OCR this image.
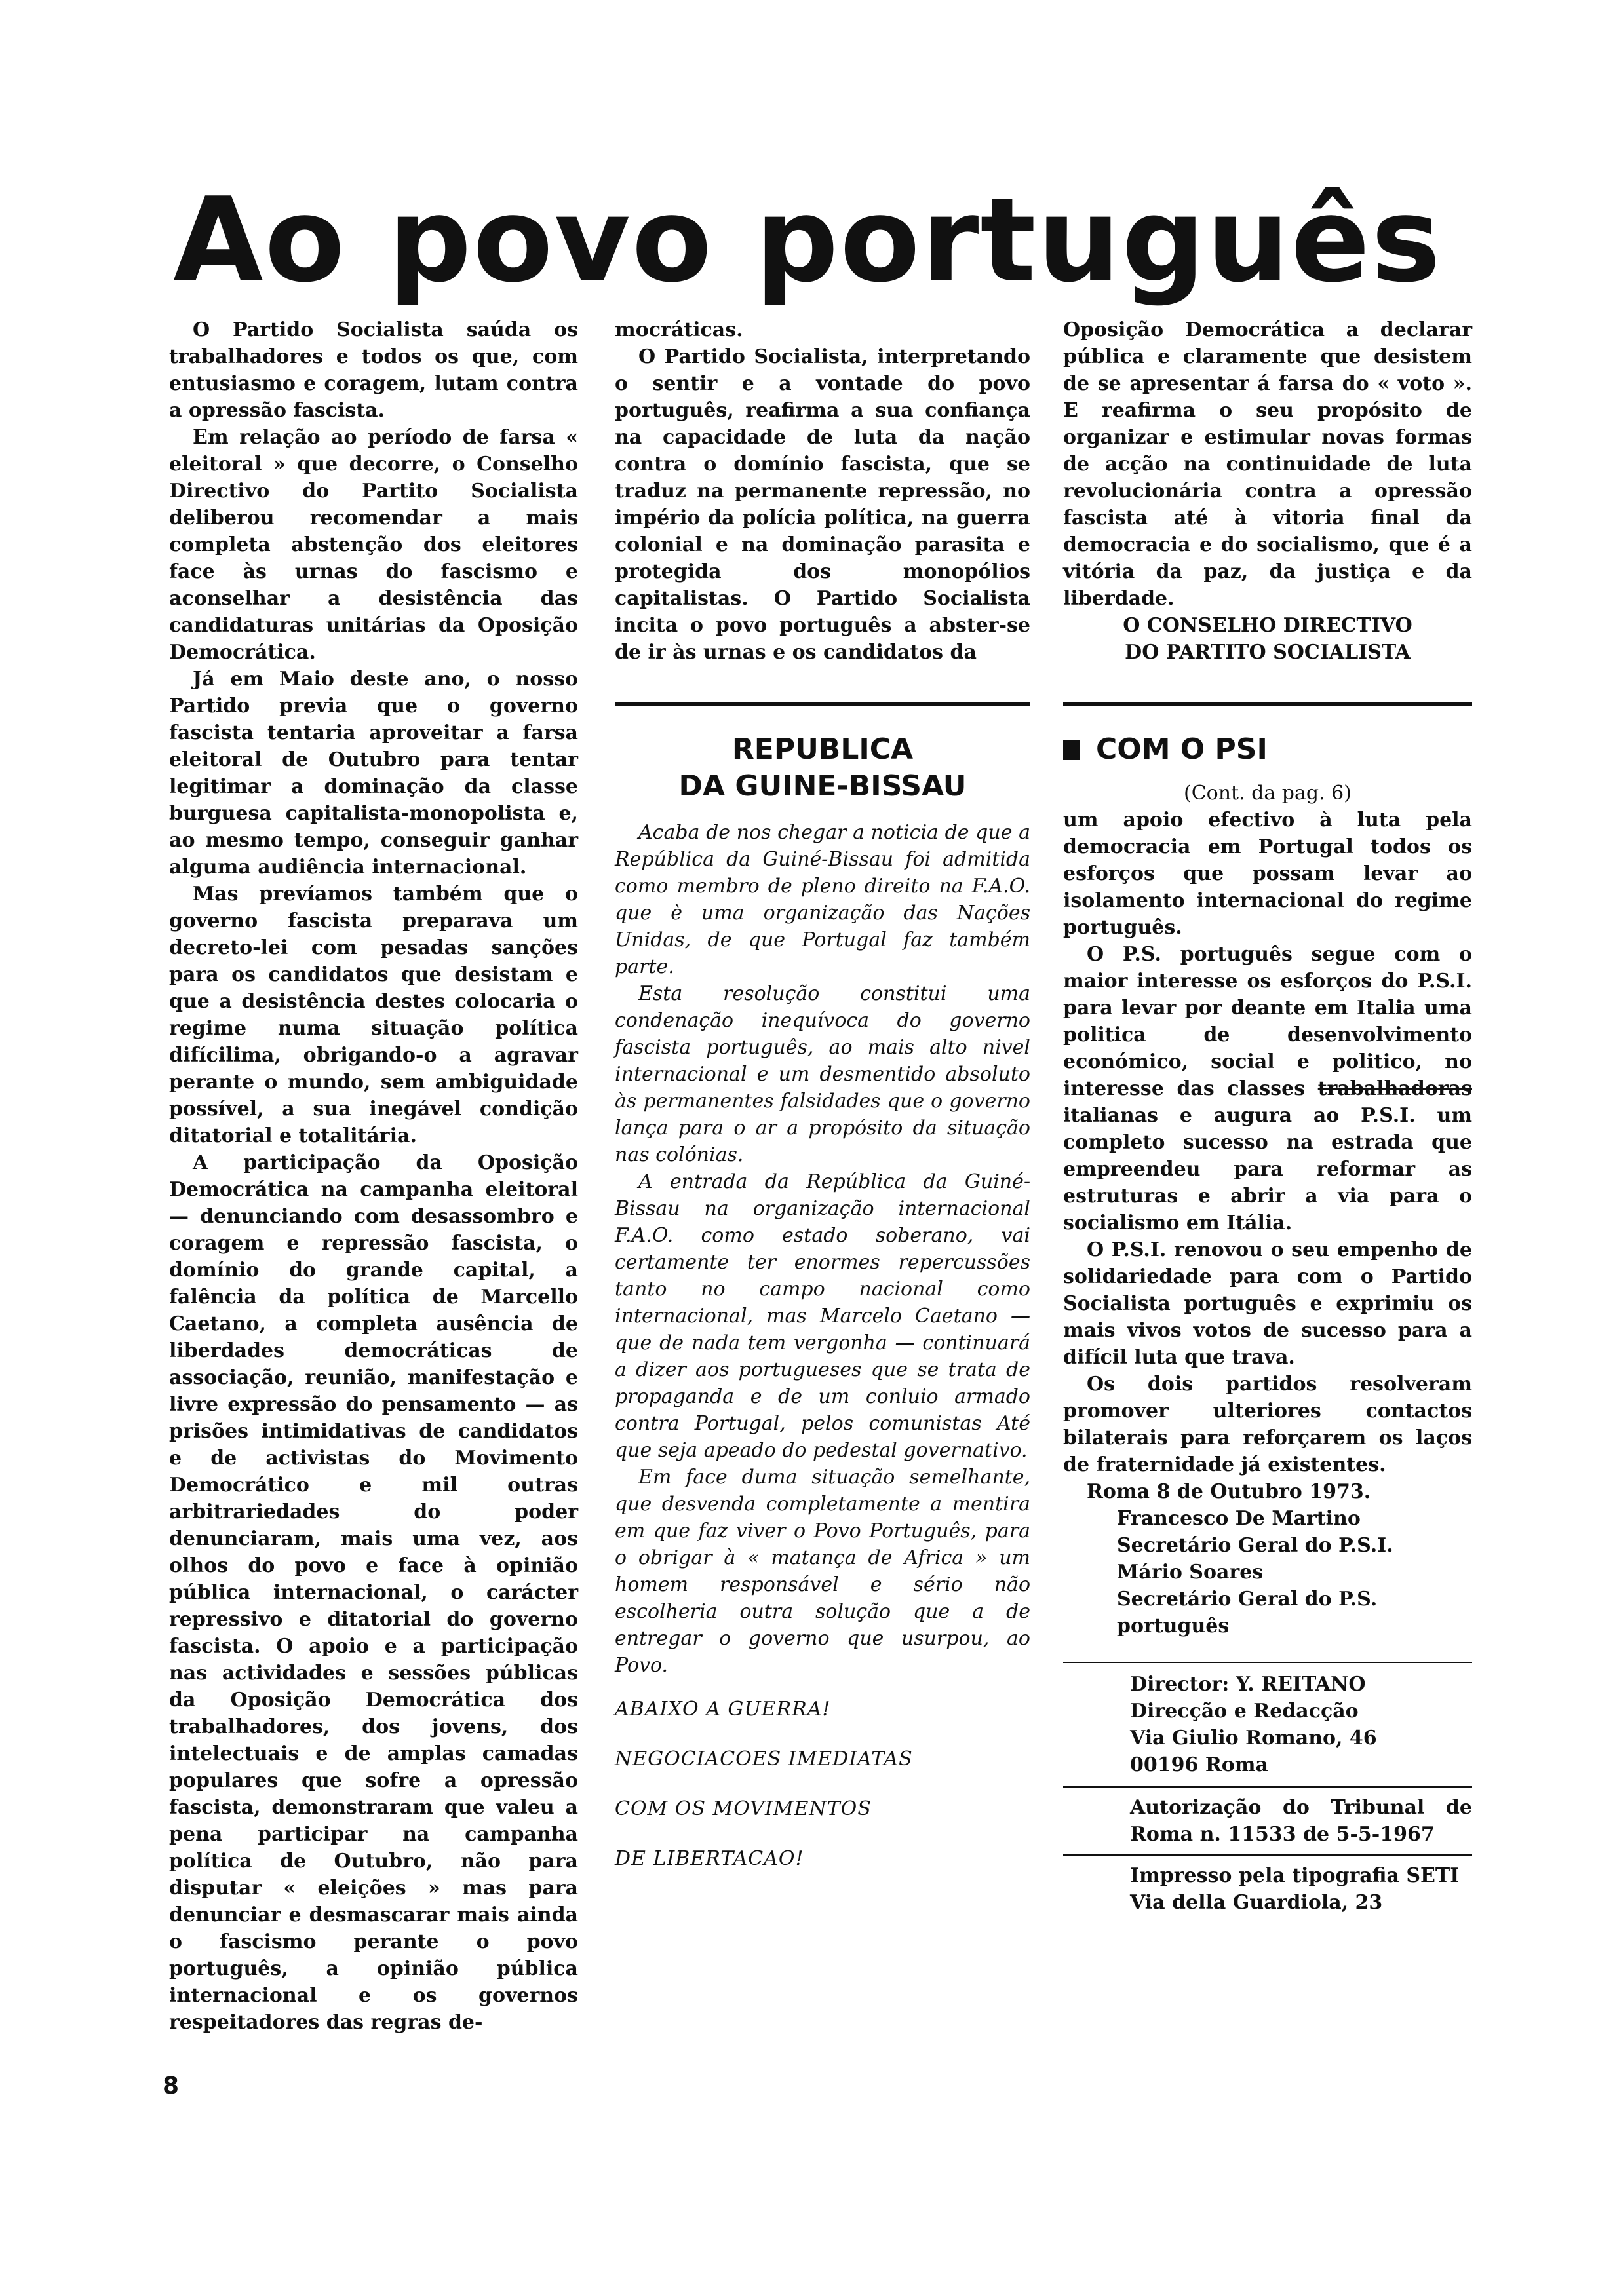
Ao povo português

O Partido Socialista saúda os trabalhadores e todos os que, com entusiasmo e coragem, lutam contra a opressão fascista.

Em relação ao período de farsa « eleitoral » que decorre, o Conselho Directivo do Partito Socialista deliberou recomendar a mais completa abstenção dos eleitores face às urnas do fascismo e aconselhar a desistência das candidaturas unitárias da Oposição Democrática.

Já em Maio deste ano, o nosso Partido previa que o governo fascista tentaria aproveitar a farsa eleitoral de Outubro para tentar legitimar a dominação da classe burguesa capitalista-monopolista e, ao mesmo tempo, conseguir ganhar alguma audiência internacional.

Mas prevíamos também que o governo fascista preparava um decreto-lei com pesadas sanções para os candidatos que desistam e que a desistência destes colocaria o regime numa situação política difícilima, obrigando-o a agravar perante o mundo, sem ambiguidade possível, a sua inegável condição ditatorial e totalitária.

A participação da Oposição Democrática na campanha eleitoral — denunciando com desassombro e coragem e repressão fascista, o domínio do grande capital, a falência da política de Marcello Caetano, a completa ausência de liberdades democráticas de associação, reunião, manifestação e livre expressão do pensamento — as prisões intimidativas de candidatos e de activistas do Movimento Democrático e mil outras arbitrariedades do poder denunciaram, mais uma vez, aos olhos do povo e face à opinião pública internacional, o carácter repressivo e ditatorial do governo fascista. O apoio e a participação nas actividades e sessões públicas da Oposição Democrática dos trabalhadores, dos jovens, dos intelectuais e de amplas camadas populares que sofre a opressão fascista, demonstraram que valeu a pena participar na campanha política de Outubro, não para disputar « eleições » mas para denunciar e desmascarar mais ainda o fascismo perante o povo português, a opinião pública internacional e os governos respeitadores das regras de-

mocráticas.

O Partido Socialista, interpretando o sentir e a vontade do povo português, reafirma a sua confiança na capacidade de luta da nação contra o domínio fascista, que se traduz na permanente repressão, no império da polícia política, na guerra colonial e na dominação parasita e protegida dos monopólios capitalistas. O Partido Socialista incita o povo português a abster-se de ir às urnas e os candidatos da

Oposição Democrática a declarar pública e claramente que desistem de se apresentar á farsa do « voto ». E reafirma o seu propósito de organizar e estimular novas formas de acção na continuidade de luta revolucionária contra a opressão fascista até à vitoria final da democracia e do socialismo, que é a vitória da paz, da justiça e da liberdade.

O CONSELHO DIRECTIVO

DO PARTITO SOCIALISTA

REPUBLICA
DA GUINE-BISSAU

Acaba de nos chegar a noticia de que a República da Guiné-Bissau foi admitida como membro de pleno direito na F.A.O. que è uma organização das Nações Unidas, de que Portugal faz também parte.

Esta resolução constitui uma condenação inequívoca do governo fascista português, ao mais alto nivel internacional e um desmentido absoluto às permanentes falsidades que o governo lança para o ar a propósito da situação nas colónias.

A entrada da República da Guiné-Bissau na organização internacional F.A.O. como estado soberano, vai certamente ter enormes repercussões tanto no campo nacional como internacional, mas Marcelo Caetano — que de nada tem vergonha — continuará a dizer aos portugueses que se trata de propaganda e de um conluio armado contra Portugal, pelos comunistas Até que seja apeado do pedestal governativo.

Em face duma situação semelhante, que desvenda completamente a mentira em que faz viver o Povo Português, para o obrigar à « matança de Africa » um homem responsável e sério não escolheria outra solução que a de entregar o governo que usurpou, ao Povo.

ABAIXO A GUERRA!
NEGOCIACOES IMEDIATAS
COM OS MOVIMENTOS
DE LIBERTACAO!
COM O PSI

(Cont. da pag. 6)

um apoio efectivo à luta pela democracia em Portugal todos os esforços que possam levar ao isolamento internacional do regime português.

O P.S. português segue com o maior interesse os esforços do P.S.I. para levar por deante em Italia uma politica de desenvolvimento económico, social e politico, no interesse das classes trabalhadoras italianas e augura ao P.S.I. um completo sucesso na estrada que empreendeu para reformar as estruturas e abrir a via para o socialismo em Itália.

O P.S.I. renovou o seu empenho de solidariedade para com o Partido Socialista português e exprimiu os mais vivos votos de sucesso para a difícil luta que trava.

Os dois partidos resolveram promover ulteriores contactos bilaterais para reforçarem os laços de fraternidade já existentes.

Roma 8 de Outubro 1973.

Francesco De Martino
Secretário Geral do P.S.I.
Mário Soares
Secretário Geral do P.S. português

Director: Y. REITANO

Direcção e Redacção

Via Giulio Romano, 46

00196 Roma

Autorização do Tribunal de Roma n. 11533 de 5-5-1967

Impresso pela tipografia SETI

Via della Guardiola, 23

8
